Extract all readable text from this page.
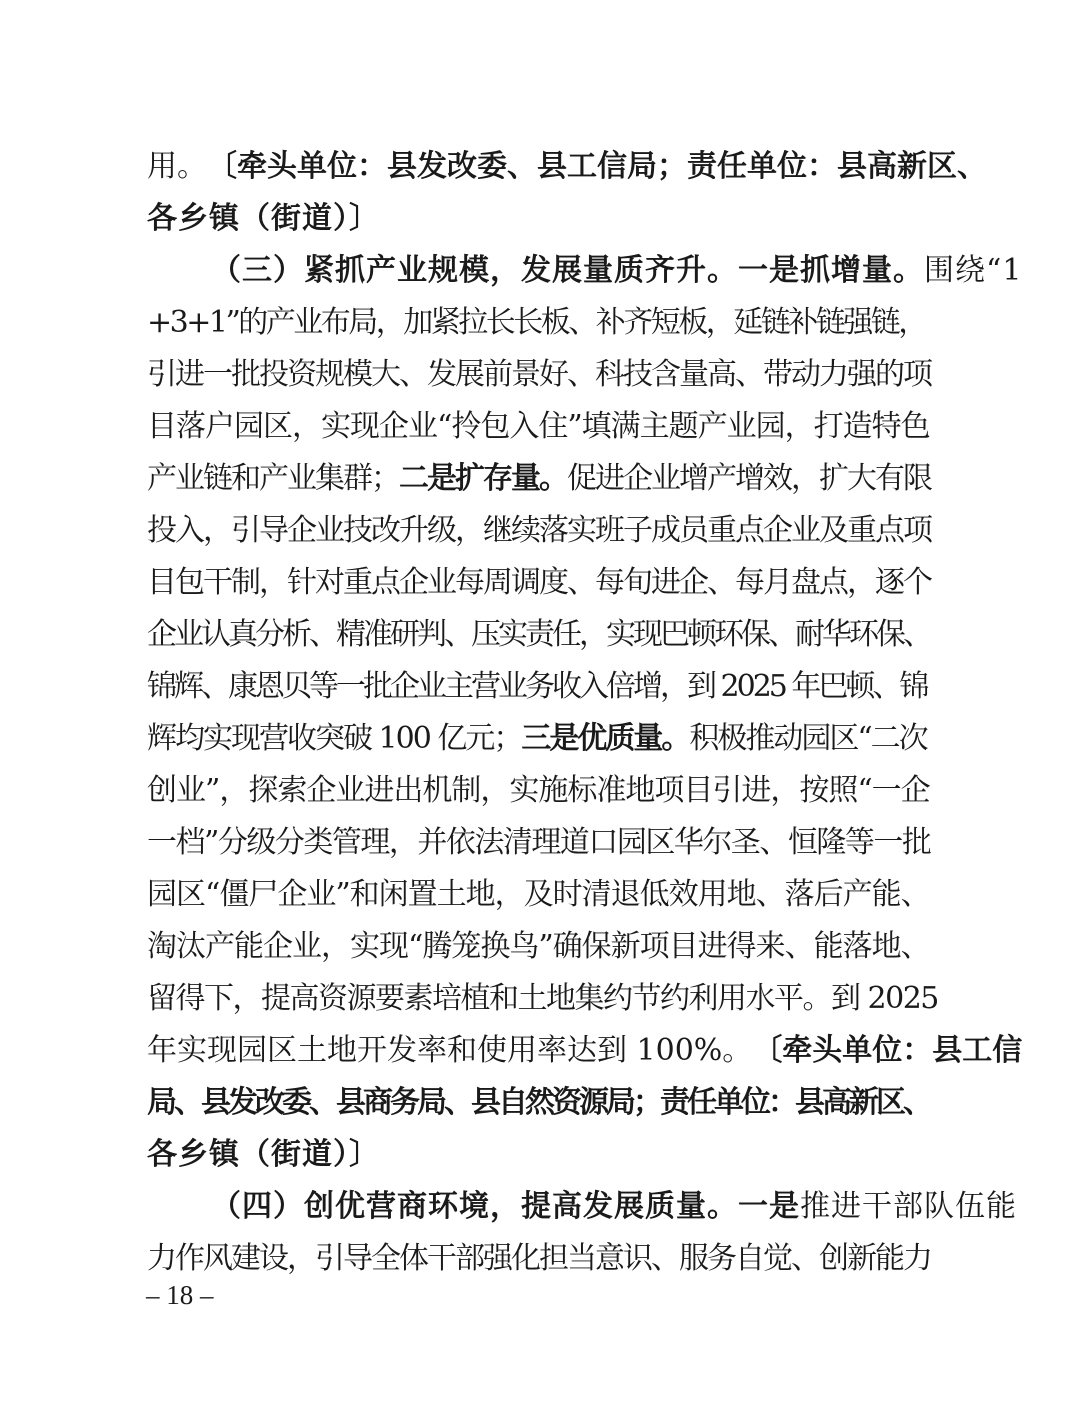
用。 〔牵头单位：县发改委、县工信局；责任单位：县高新区、
各乡镇（街道）〕
（三）紧抓产业规模，发展量质齐升。一是抓增量。 围绕“1
+3+1”的产业布局，加紧拉长长板、补齐短板，延链补链强链，
引进一批投资规模大、发展前景好、科技含量高、带动力强的项
目落户园区，实现企业“拎包入住”填满主题产业园，打造特色
产业链和产业集群；二是扩存量。促进企业增产增效，扩大有限
投入，引导企业技改升级，继续落实班子成员重点企业及重点项
目包干制，针对重点企业每周调度、每旬进企、每月盘点，逐个
企业认真分析、精准研判、压实责任，实现巴顿环保、耐华环保、
锦辉、康恩贝等一批企业主营业务收入倍增，到 2025 年巴顿、锦
辉均实现营收突破 100 亿元；三是优质量。积极推动园区“二次
创业”，探索企业进出机制，实施标准地项目引进，按照“一企
一档”分级分类管理，并依法清理道口园区华尔圣、恒隆等一批
园区“僵尸企业”和闲置土地，及时清退低效用地、落后产能、
淘汰产能企业，实现“腾笼换鸟”确保新项目进得来、能落地、
留得下，提高资源要素培植和土地集约节约利用水平。到 2025
年实现园区土地开发率和使用率达到 100%。 〔牵头单位：县工信
局、县发改委、县商务局、县自然资源局；责任单位：县高新区、
各乡镇（街道）〕
（四）创优营商环境，提高发展质量。一是 推进干部队伍能
力作风建设，引导全体干部强化担当意识、服务自觉、创新能力
– 18 –
